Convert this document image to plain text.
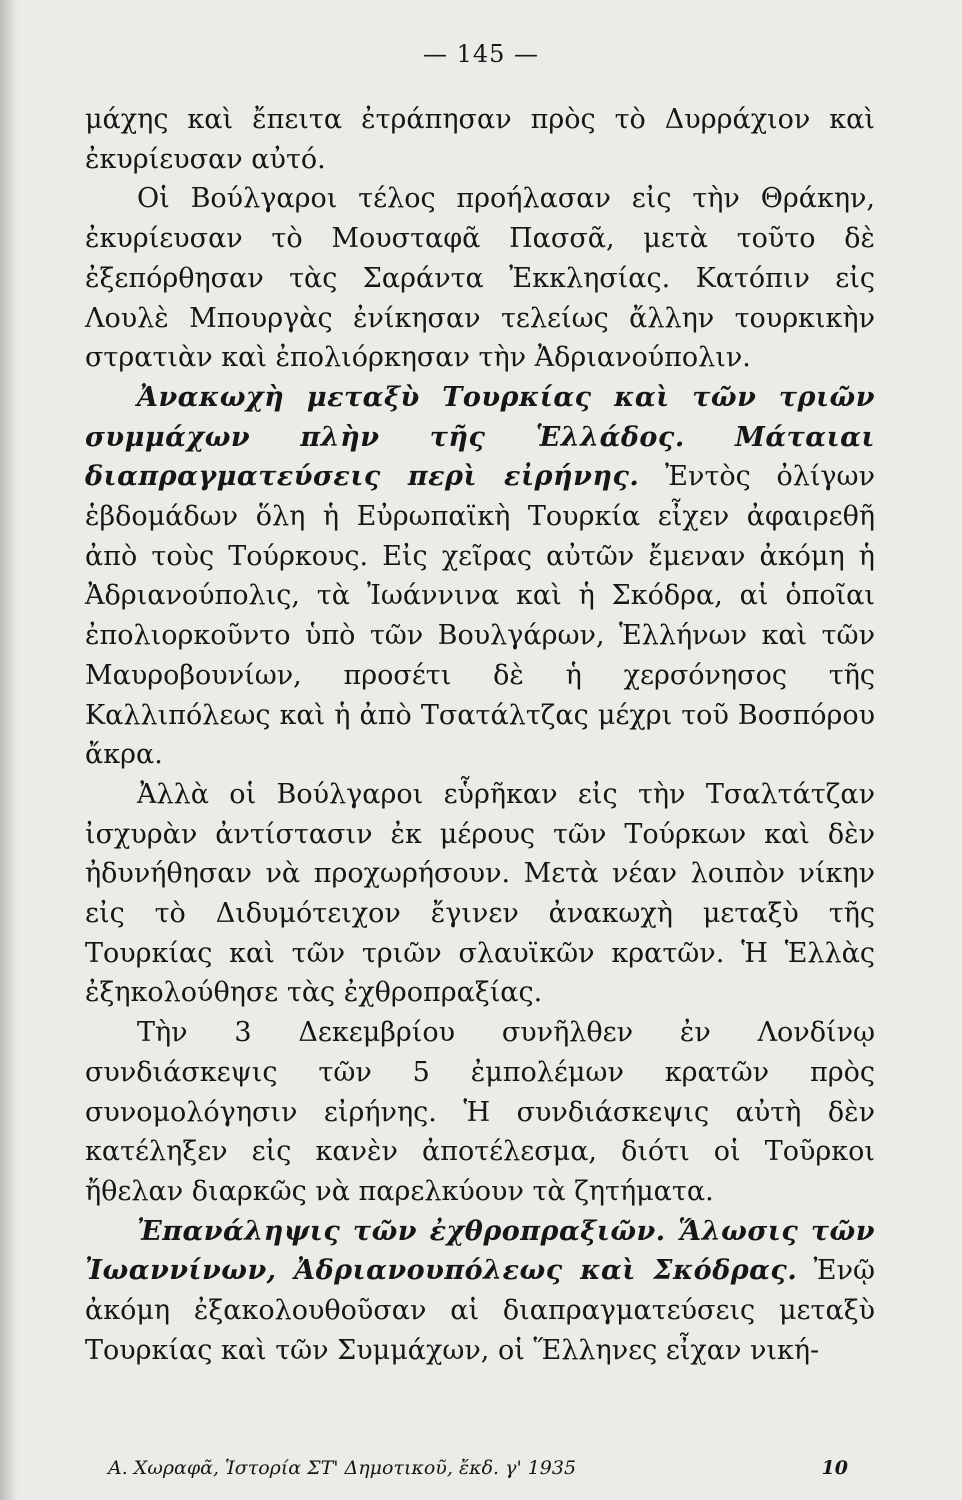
— 145 —

μάχης καὶ ἔπειτα ἐτράπησαν πρὸς τὸ Δυρράχιον καὶ ἐκυρίευσαν αὐτό.

Οἱ Βούλγαροι τέλος προήλασαν εἰς τὴν Θράκην, ἐκυρίευσαν τὸ Μουσταφᾶ Πασσᾶ, μετὰ τοῦτο δὲ ἐξεπόρθησαν τὰς Σαράντα Ἐκκλησίας. Κατόπιν εἰς Λουλὲ Μπουργὰς ἐνίκησαν τελείως ἄλλην τουρκικὴν στρατιὰν καὶ ἐπολιόρκησαν τὴν Ἀδριανούπολιν.

Ἀνακωχὴ μεταξὺ Τουρκίας καὶ τῶν τριῶν συμμάχων πλὴν τῆς Ἑλλάδος. Μάταιαι διαπραγματεύσεις περὶ εἰρήνης. Ἐντὸς ὀλίγων ἑβδομάδων ὅλη ἡ Εὐρωπαϊκὴ Τουρκία εἶχεν ἀφαιρεθῆ ἀπὸ τοὺς Τούρκους. Εἰς χεῖρας αὐτῶν ἔμεναν ἀκόμη ἡ Ἀδριανούπολις, τὰ Ἰωάννινα καὶ ἡ Σκόδρα, αἱ ὁποῖαι ἐπολιορκοῦντο ὑπὸ τῶν Βουλγάρων, Ἑλλήνων καὶ τῶν Μαυροβουνίων, προσέτι δὲ ἡ χερσόνησος τῆς Καλλιπόλεως καὶ ἡ ἀπὸ Τσατάλτζας μέχρι τοῦ Βοσπόρου ἄκρα.

Ἀλλὰ οἱ Βούλγαροι εὗρῆκαν εἰς τὴν Τσαλτάτζαν ἰσχυρὰν ἀντίστασιν ἐκ μέρους τῶν Τούρκων καὶ δὲν ἠδυνήθησαν νὰ προχωρήσουν. Μετὰ νέαν λοιπὸν νίκην εἰς τὸ Διδυμότειχον ἔγινεν ἀνακωχὴ μεταξὺ τῆς Τουρκίας καὶ τῶν τριῶν σλαυϊκῶν κρατῶν. Ἡ Ἑλλὰς ἐξηκολούθησε τὰς ἐχθροπραξίας.

Τὴν 3 Δεκεμβρίου συνῆλθεν ἐν Λονδίνῳ συνδιάσκεψις τῶν 5 ἐμπολέμων κρατῶν πρὸς συνομολόγησιν εἰρήνης. Ἡ συνδιάσκεψις αὐτὴ δὲν κατέληξεν εἰς κανὲν ἀποτέλεσμα, διότι οἱ Τοῦρκοι ἤθελαν διαρκῶς νὰ παρελκύουν τὰ ζητήματα.

Ἐπανάληψις τῶν ἐχθροπραξιῶν. Ἅλωσις τῶν Ἰωαννίνων, Ἀδριανουπόλεως καὶ Σκόδρας. Ἐνῷ ἀκόμη ἐξακολουθοῦσαν αἱ διαπραγματεύσεις μεταξὺ Τουρκίας καὶ τῶν Συμμάχων, οἱ Ἕλληνες εἶχαν νική-

Α. Χωραφᾶ, Ἱστορία ΣΤ' Δημοτικοῦ, ἔκδ. γ' 1935	10
